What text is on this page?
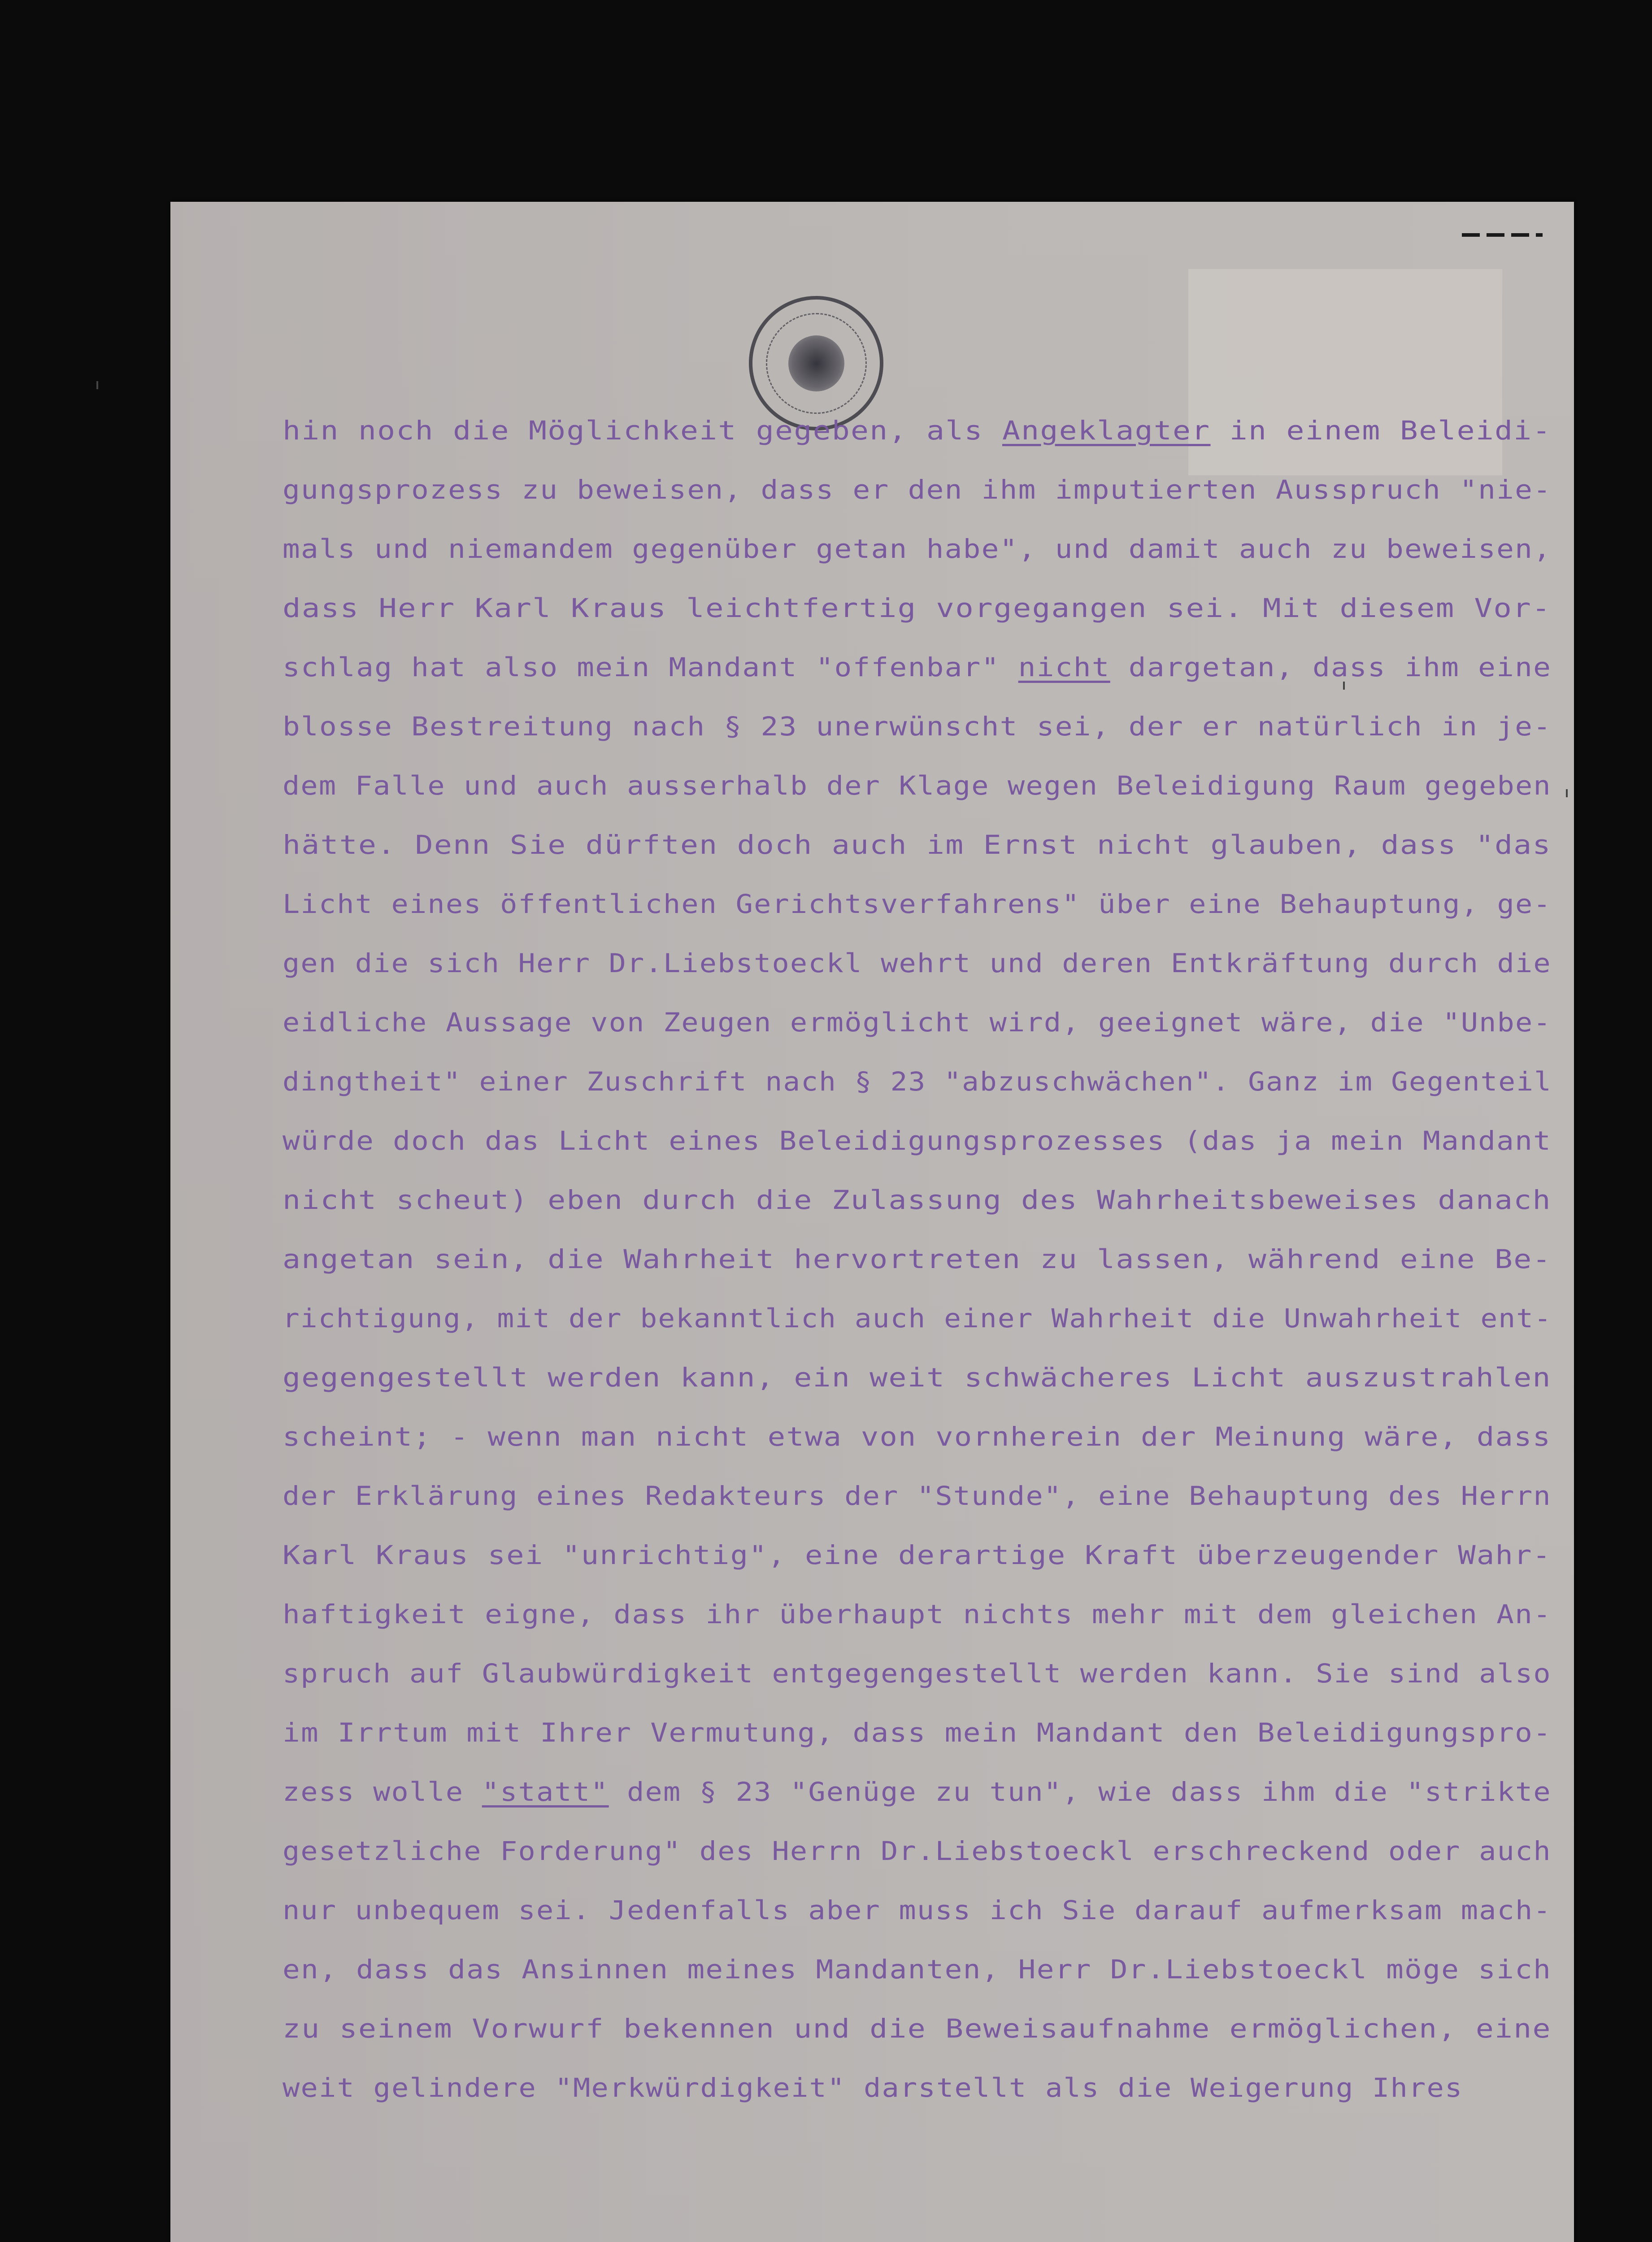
hin noch die Möglichkeit gegeben, als Angeklagter in einem Beleidi-
gungsprozess zu beweisen, dass er den ihm imputierten Ausspruch "nie-
mals und niemandem gegenüber getan habe", und damit auch zu beweisen,
dass Herr Karl Kraus leichtfertig vorgegangen sei. Mit diesem Vor-
schlag hat also mein Mandant "offenbar" nicht dargetan, dass ihm eine
blosse Bestreitung nach § 23 unerwünscht sei, der er natürlich in je-
dem Falle und auch ausserhalb der Klage wegen Beleidigung Raum gegeben
hätte. Denn Sie dürften doch auch im Ernst nicht glauben, dass "das
Licht eines öffentlichen Gerichtsverfahrens" über eine Behauptung, ge-
gen die sich Herr Dr.Liebstoeckl wehrt und deren Entkräftung durch die
eidliche Aussage von Zeugen ermöglicht wird, geeignet wäre, die "Unbe-
dingtheit" einer Zuschrift nach § 23 "abzuschwächen". Ganz im Gegenteil
würde doch das Licht eines Beleidigungsprozesses (das ja mein Mandant
nicht scheut) eben durch die Zulassung des Wahrheitsbeweises danach
angetan sein, die Wahrheit hervortreten zu lassen, während eine Be-
richtigung, mit der bekanntlich auch einer Wahrheit die Unwahrheit ent-
gegengestellt werden kann, ein weit schwächeres Licht auszustrahlen
scheint; - wenn man nicht etwa von vornherein der Meinung wäre, dass
der Erklärung eines Redakteurs der "Stunde", eine Behauptung des Herrn
Karl Kraus sei "unrichtig", eine derartige Kraft überzeugender Wahr-
haftigkeit eigne, dass ihr überhaupt nichts mehr mit dem gleichen An-
spruch auf Glaubwürdigkeit entgegengestellt werden kann. Sie sind also
im Irrtum mit Ihrer Vermutung, dass mein Mandant den Beleidigungspro-
zess wolle "statt" dem § 23 "Genüge zu tun", wie dass ihm die "strikte
gesetzliche Forderung" des Herrn Dr.Liebstoeckl erschreckend oder auch
nur unbequem sei. Jedenfalls aber muss ich Sie darauf aufmerksam mach-
en, dass das Ansinnen meines Mandanten, Herr Dr.Liebstoeckl möge sich
zu seinem Vorwurf bekennen und die Beweisaufnahme ermöglichen, eine
weit gelindere "Merkwürdigkeit" darstellt als die Weigerung Ihres
